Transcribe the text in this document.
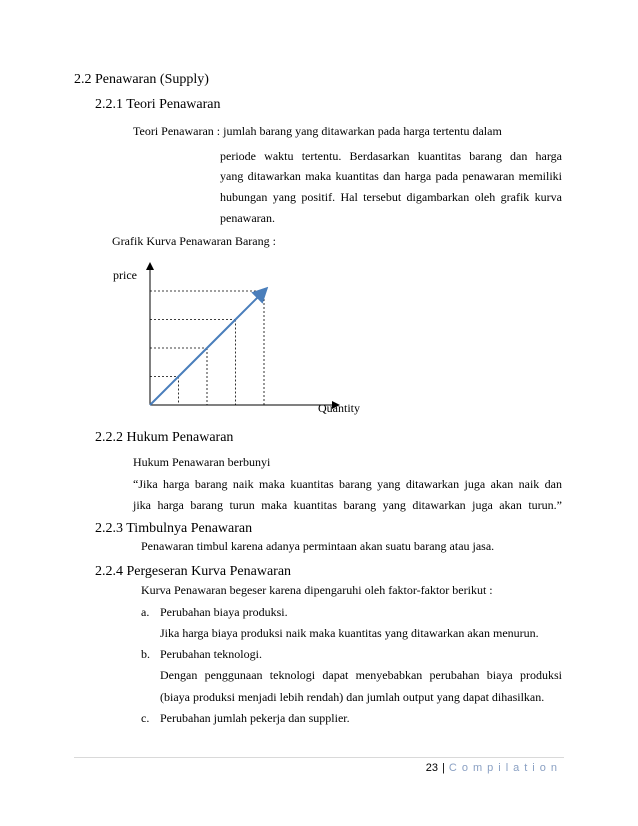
2.2 Penawaran (Supply)
2.2.1 Teori Penawaran
Teori Penawaran : jumlah barang yang ditawarkan pada harga tertentu dalam
periode waktu tertentu. Berdasarkan kuantitas barang dan harga
yang ditawarkan maka kuantitas dan harga pada penawaran memiliki
hubungan yang positif. Hal tersebut digambarkan oleh grafik kurva
penawaran.
Grafik Kurva Penawaran Barang :
price
Quantity
2.2.2 Hukum Penawaran
Hukum Penawaran berbunyi
“Jika harga barang naik maka kuantitas barang yang ditawarkan juga akan naik dan
jika harga barang turun maka kuantitas barang yang ditawarkan juga akan turun.”
2.2.3 Timbulnya Penawaran
Penawaran timbul karena adanya permintaan akan suatu barang atau jasa.
2.2.4 Pergeseran Kurva Penawaran
Kurva Penawaran begeser karena dipengaruhi oleh faktor-faktor berikut :
a. Perubahan biaya produksi.
Jika harga biaya produksi naik maka kuantitas yang ditawarkan akan menurun.
b. Perubahan teknologi.
Dengan penggunaan teknologi dapat menyebabkan perubahan biaya produksi
(biaya produksi menjadi lebih rendah) dan jumlah output yang dapat dihasilkan.
c. Perubahan jumlah pekerja dan supplier.
23 | Compilation
